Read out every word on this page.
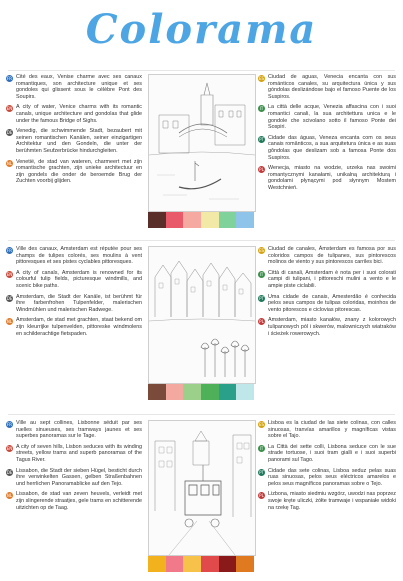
Colorama
FR Cité des eaux, Venise charme avec ses canaux romantiques, son architecture unique et ses gondoles qui glissent sous le célèbre Pont des Soupirs.
EN A city of water, Venice charms with its romantic canals, unique architecture and gondolas that glide under the famous Bridge of Sighs.
DE Venedig, die schwimmende Stadt, bezaubert mit seinen romantischen Kanälen, seiner einzigartigen Architektur und den Gondeln, die unter der berühmten Seufzerbrücke hindurchgleiten.
NL Venetië, de stad van wateren, charmeert met zijn romantische grachten, zijn unieke architectuur en zijn gondels die onder de beroemde Brug der Zuchten voorbij glijden.
ES Ciudad de aguas, Venecia encanta con sus románticos canales, su arquitectura única y sus góndolas deslizándose bajo el famoso Puente de los Suspiros.
IT La città delle acque, Venezia affascina con i suoi romantici canali, la sua architettura unica e le gondole che scivolano sotto il famoso Ponte dei Sospiri.
PT Cidade das águas, Veneza encanta com os seus canais românticos, a sua arquitetura única e as suas gôndolas que deslizam sob a famosa Ponte dos Suspiros.
PL Wenecja, miasto na wodzie, urzeka nas swoimi romantycznymi kanałami, unikalną architekturą i gondolami płynącymi pod słynnym Mostem Westchnień.
FR Ville des canaux, Amsterdam est réputée pour ses champs de tulipes colorés, ses moulins à vent pittoresques et ses pistes cyclables pittoresques.
EN A city of canals, Amsterdam is renowned for its colourful tulip fields, picturesque windmills, and scenic bike paths.
DE Amsterdam, die Stadt der Kanäle, ist berühmt für ihre farbenfrohen Tulpenfelder, malerischen Windmühlen und malerischen Radwege.
NL Amsterdam, de stad met grachten, staat bekend om zijn kleurrijke tulpenvelden, pittoreske windmolens en schilderachtige fietspaden.
ES Ciudad de canales, Ámsterdam es famosa por sus coloridos campos de tulipanes, sus pintorescos molinos de viento y sus pintorescos carriles bici.
IT Città di canali, Amsterdam è nota per i suoi colorati campi di tulipani, i pittoreschi mulini a vento e le ampie piste ciclabili.
PT Uma cidade de canais, Amesterdão é conhecida pelos seus campos de tulipas coloridas, moinhos de vento pitorescos e ciclovias pitorescas.
PL Amsterdam, miasto kanałów, znany z kolorowych tulipanowych pól i skwerów, malowniczych wiatraków i ścieżek rowerowych.
FR Ville au sept collines, Lisbonne séduit par ses ruelles sinueuses, ses tramways jaunes et ses superbes panoramas sur le Tage.
EN A city of seven hills, Lisbon seduces with its winding streets, yellow trams and superb panoramas of the Tagus River.
DE Lissabon, die Stadt der sieben Hügel, besticht durch ihre verwinkelten Gassen, gelben Straßenbahnen und herrlichen Panoramablicke auf den Tejo.
NL Lissabon, de stad van zeven heuvels, verleidt met zijn slingerende straatjes, gele trams en schitterende uitzichten op de Taag.
ES Lisboa es la ciudad de las siete colinas, con calles sinuosas, tranvías amarillos y magníficas vistas sobre el Tajo.
IT La Città dei sette colli, Lisbona seduce con le sue strade tortuose, i suoi tram gialli e i suoi superbi panorami sul Tago.
PT Cidade das sete colinas, Lisboa seduz pelas suas ruas sinuosas, pelos seus eléctricos amarelos e pelos seus magníficos panoramas sobre o Tejo.
PL Lizbona, miasto siedmiu wzgórz, uwodzi nas poprzez swoje kręte uliczki, żółte tramwaje i wspaniałe widoki na rzekę Tag.
